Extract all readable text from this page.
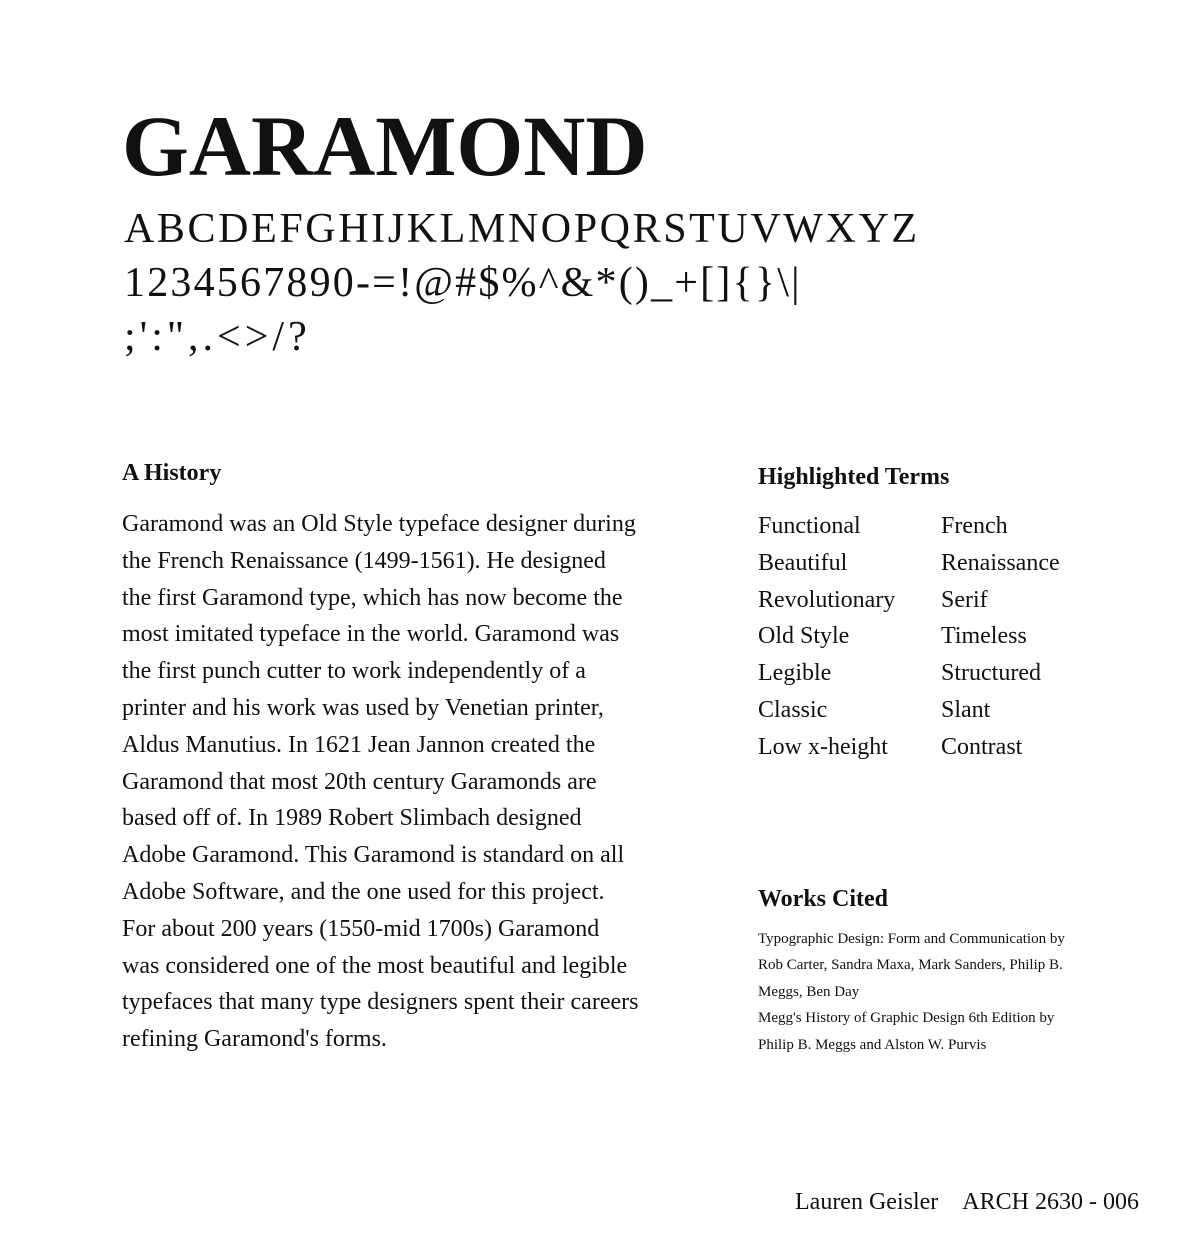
GARAMOND
ABCDEFGHIJKLMNOPQRSTUVWXYZ
1234567890-=!@#$%^&*()_+[]{}\|
;':",.<>/?
A History

Garamond was an Old Style typeface designer during
the French Renaissance (1499-1561). He designed
the first Garamond type, which has now become the
most imitated typeface in the world. Garamond was
the first punch cutter to work independently of a
printer and his work was used by Venetian printer,
Aldus Manutius. In 1621 Jean Jannon created the
Garamond that most 20th century Garamonds are
based off of. In 1989 Robert Slimbach designed
Adobe Garamond. This Garamond is standard on all
Adobe Software, and the one used for this project.
For about 200 years (1550-mid 1700s) Garamond
was considered one of the most beautiful and legible
typefaces that many type designers spent their careers
refining Garamond's forms.

Highlighted Terms
Functional	French
Beautiful	Renaissance
Revolutionary	Serif
Old Style	Timeless
Legible	Structured
Classic	Slant
Low x-height	Contrast
Works Cited

Typographic Design: Form and Communication by
Rob Carter, Sandra Maxa, Mark Sanders, Philip B.
Meggs, Ben Day
Megg's History of Graphic Design 6th Edition by
Philip B. Meggs and Alston W. Purvis

Lauren Geisler ARCH 2630 - 006
